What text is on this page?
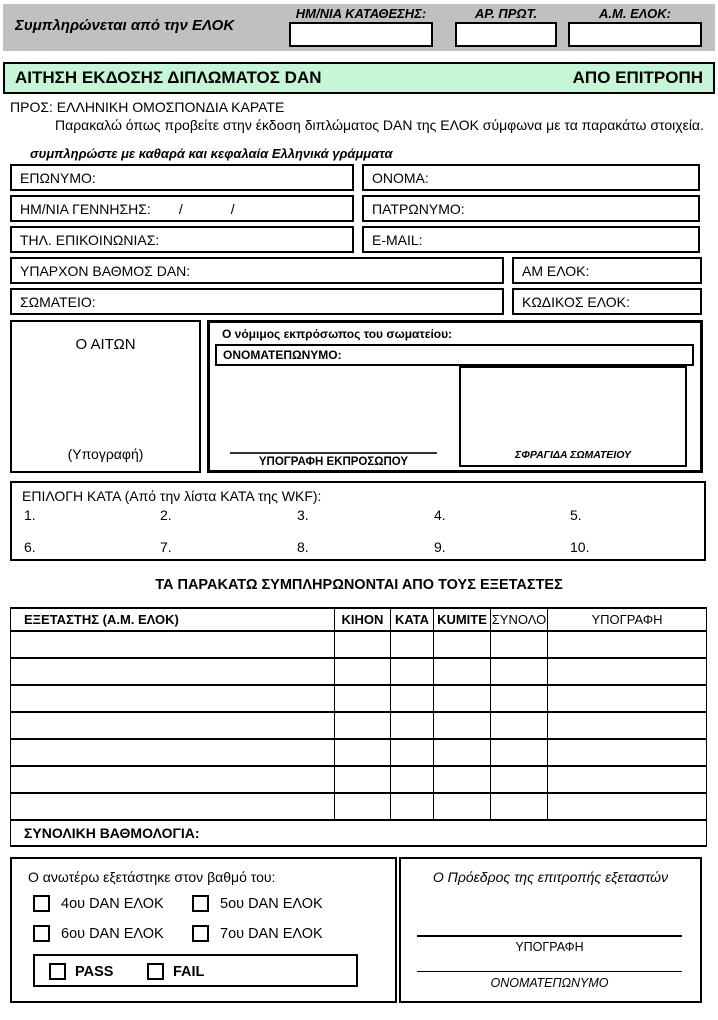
Συμπληρώνεται από την ΕΛΟΚ
ΗΜ/ΝΙΑ ΚΑΤΑΘΕΣΗΣ:	ΑΡ. ΠΡΩΤ.	Α.Μ. ΕΛΟΚ:
ΑΙΤΗΣΗ ΕΚΔΟΣΗΣ ΔΙΠΛΩΜΑΤΟΣ DAN	ΑΠΟ ΕΠΙΤΡΟΠΗ
ΠΡΟΣ: ΕΛΛΗΝΙΚΗ ΟΜΟΣΠΟΝΔΙΑ ΚΑΡΑΤΕ
Παρακαλώ όπως προβείτε στην έκδοση διπλώματος DAN της ΕΛΟΚ σύμφωνα με τα παρακάτω στοιχεία.
συμπληρώστε με καθαρά και κεφαλαία Ελληνικά γράμματα
ΕΠΩΝΥΜΟ:	ΟΝΟΜΑ:
ΗΜ/ΝΙΑ ΓΕΝΝΗΣΗΣ: /	/	ΠΑΤΡΩΝΥΜΟ:
ΤΗΛ. ΕΠΙΚΟΙΝΩΝΙΑΣ:	E-MAIL:
ΥΠΑΡΧΟΝ ΒΑΘΜΟΣ DAN:	ΑΜ ΕΛΟΚ:
ΣΩΜΑΤΕΙΟ:	ΚΩΔΙΚΟΣ ΕΛΟΚ:
Ο ΑΙΤΩΝ
(Υπογραφή)
Ο νόμιμος εκπρόσωπος του σωματείου:
ΟΝΟΜΑΤΕΠΩΝΥΜΟ:
ΥΠΟΓΡΑΦΗ ΕΚΠΡΟΣΩΠΟΥ
ΣΦΡΑΓΙΔΑ ΣΩΜΑΤΕΙΟΥ
ΕΠΙΛΟΓΗ ΚΑΤΑ (Από την λίστα ΚΑΤΑ της WKF):
1.	2.	3.	4.	5.
6.	7.	8.	9.	10.
ΤΑ ΠΑΡΑΚΑΤΩ ΣΥΜΠΛΗΡΩΝΟΝΤΑΙ ΑΠΟ ΤΟΥΣ ΕΞΕΤΑΣΤΕΣ
ΕΞΕΤΑΣΤΗΣ (Α.Μ. ΕΛΟΚ)	KIHON	ΚΑΤΑ	KUMITE	ΣΥΝΟΛΟ	ΥΠΟΓΡΑΦΗ

ΣΥΝΟΛΙΚΗ ΒΑΘΜΟΛΟΓΙΑ:					
Ο ανωτέρω εξετάστηκε στον βαθμό του:
4ου DAN ΕΛΟΚ	5ου DAN ΕΛΟΚ
6ου DAN ΕΛΟΚ	7ου DAN ΕΛΟΚ
PASS	FAIL
Ο Πρόεδρος της επιτροπής εξεταστών
ΥΠΟΓΡΑΦΗ
ΟΝΟΜΑΤΕΠΩΝΥΜΟ
